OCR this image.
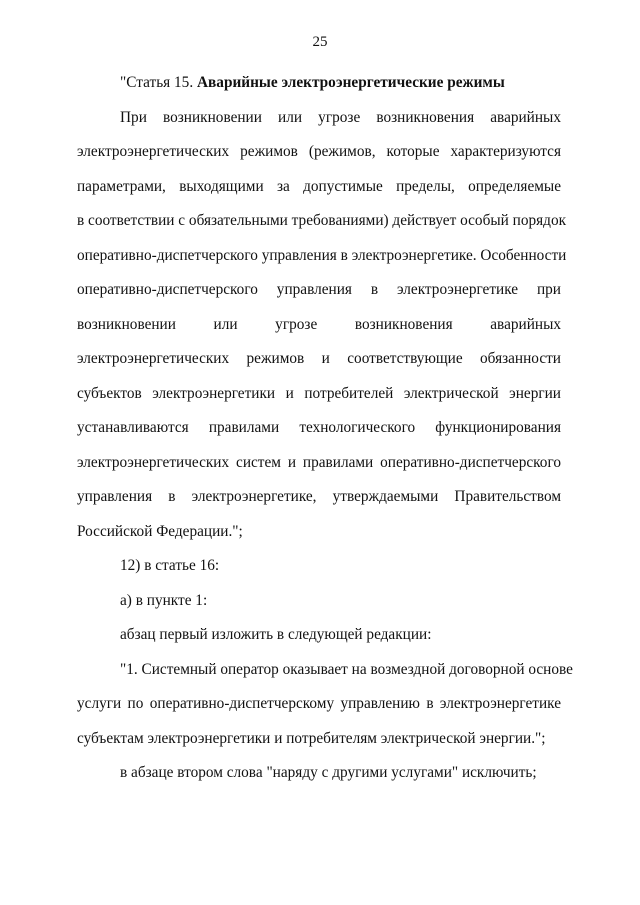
25

"Статья 15. Аварийные электроэнергетические режимы

При возникновении или угрозе возникновения аварийных
электроэнергетических режимов (режимов, которые характеризуются
параметрами, выходящими за допустимые пределы, определяемые
в соответствии с обязательными требованиями) действует особый порядок
оперативно-диспетчерского управления в электроэнергетике. Особенности
оперативно-диспетчерского управления в электроэнергетике при
возникновении или угрозе возникновения аварийных
электроэнергетических режимов и соответствующие обязанности
субъектов электроэнергетики и потребителей электрической энергии
устанавливаются правилами технологического функционирования
электроэнергетических систем и правилами оперативно-диспетчерского
управления в электроэнергетике, утверждаемыми Правительством
Российской Федерации.";

12) в статье 16:

а) в пункте 1:

абзац первый изложить в следующей редакции:

"1. Системный оператор оказывает на возмездной договорной основе
услуги по оперативно-диспетчерскому управлению в электроэнергетике
субъектам электроэнергетики и потребителям электрической энергии.";

в абзаце втором слова "наряду с другими услугами" исключить;
